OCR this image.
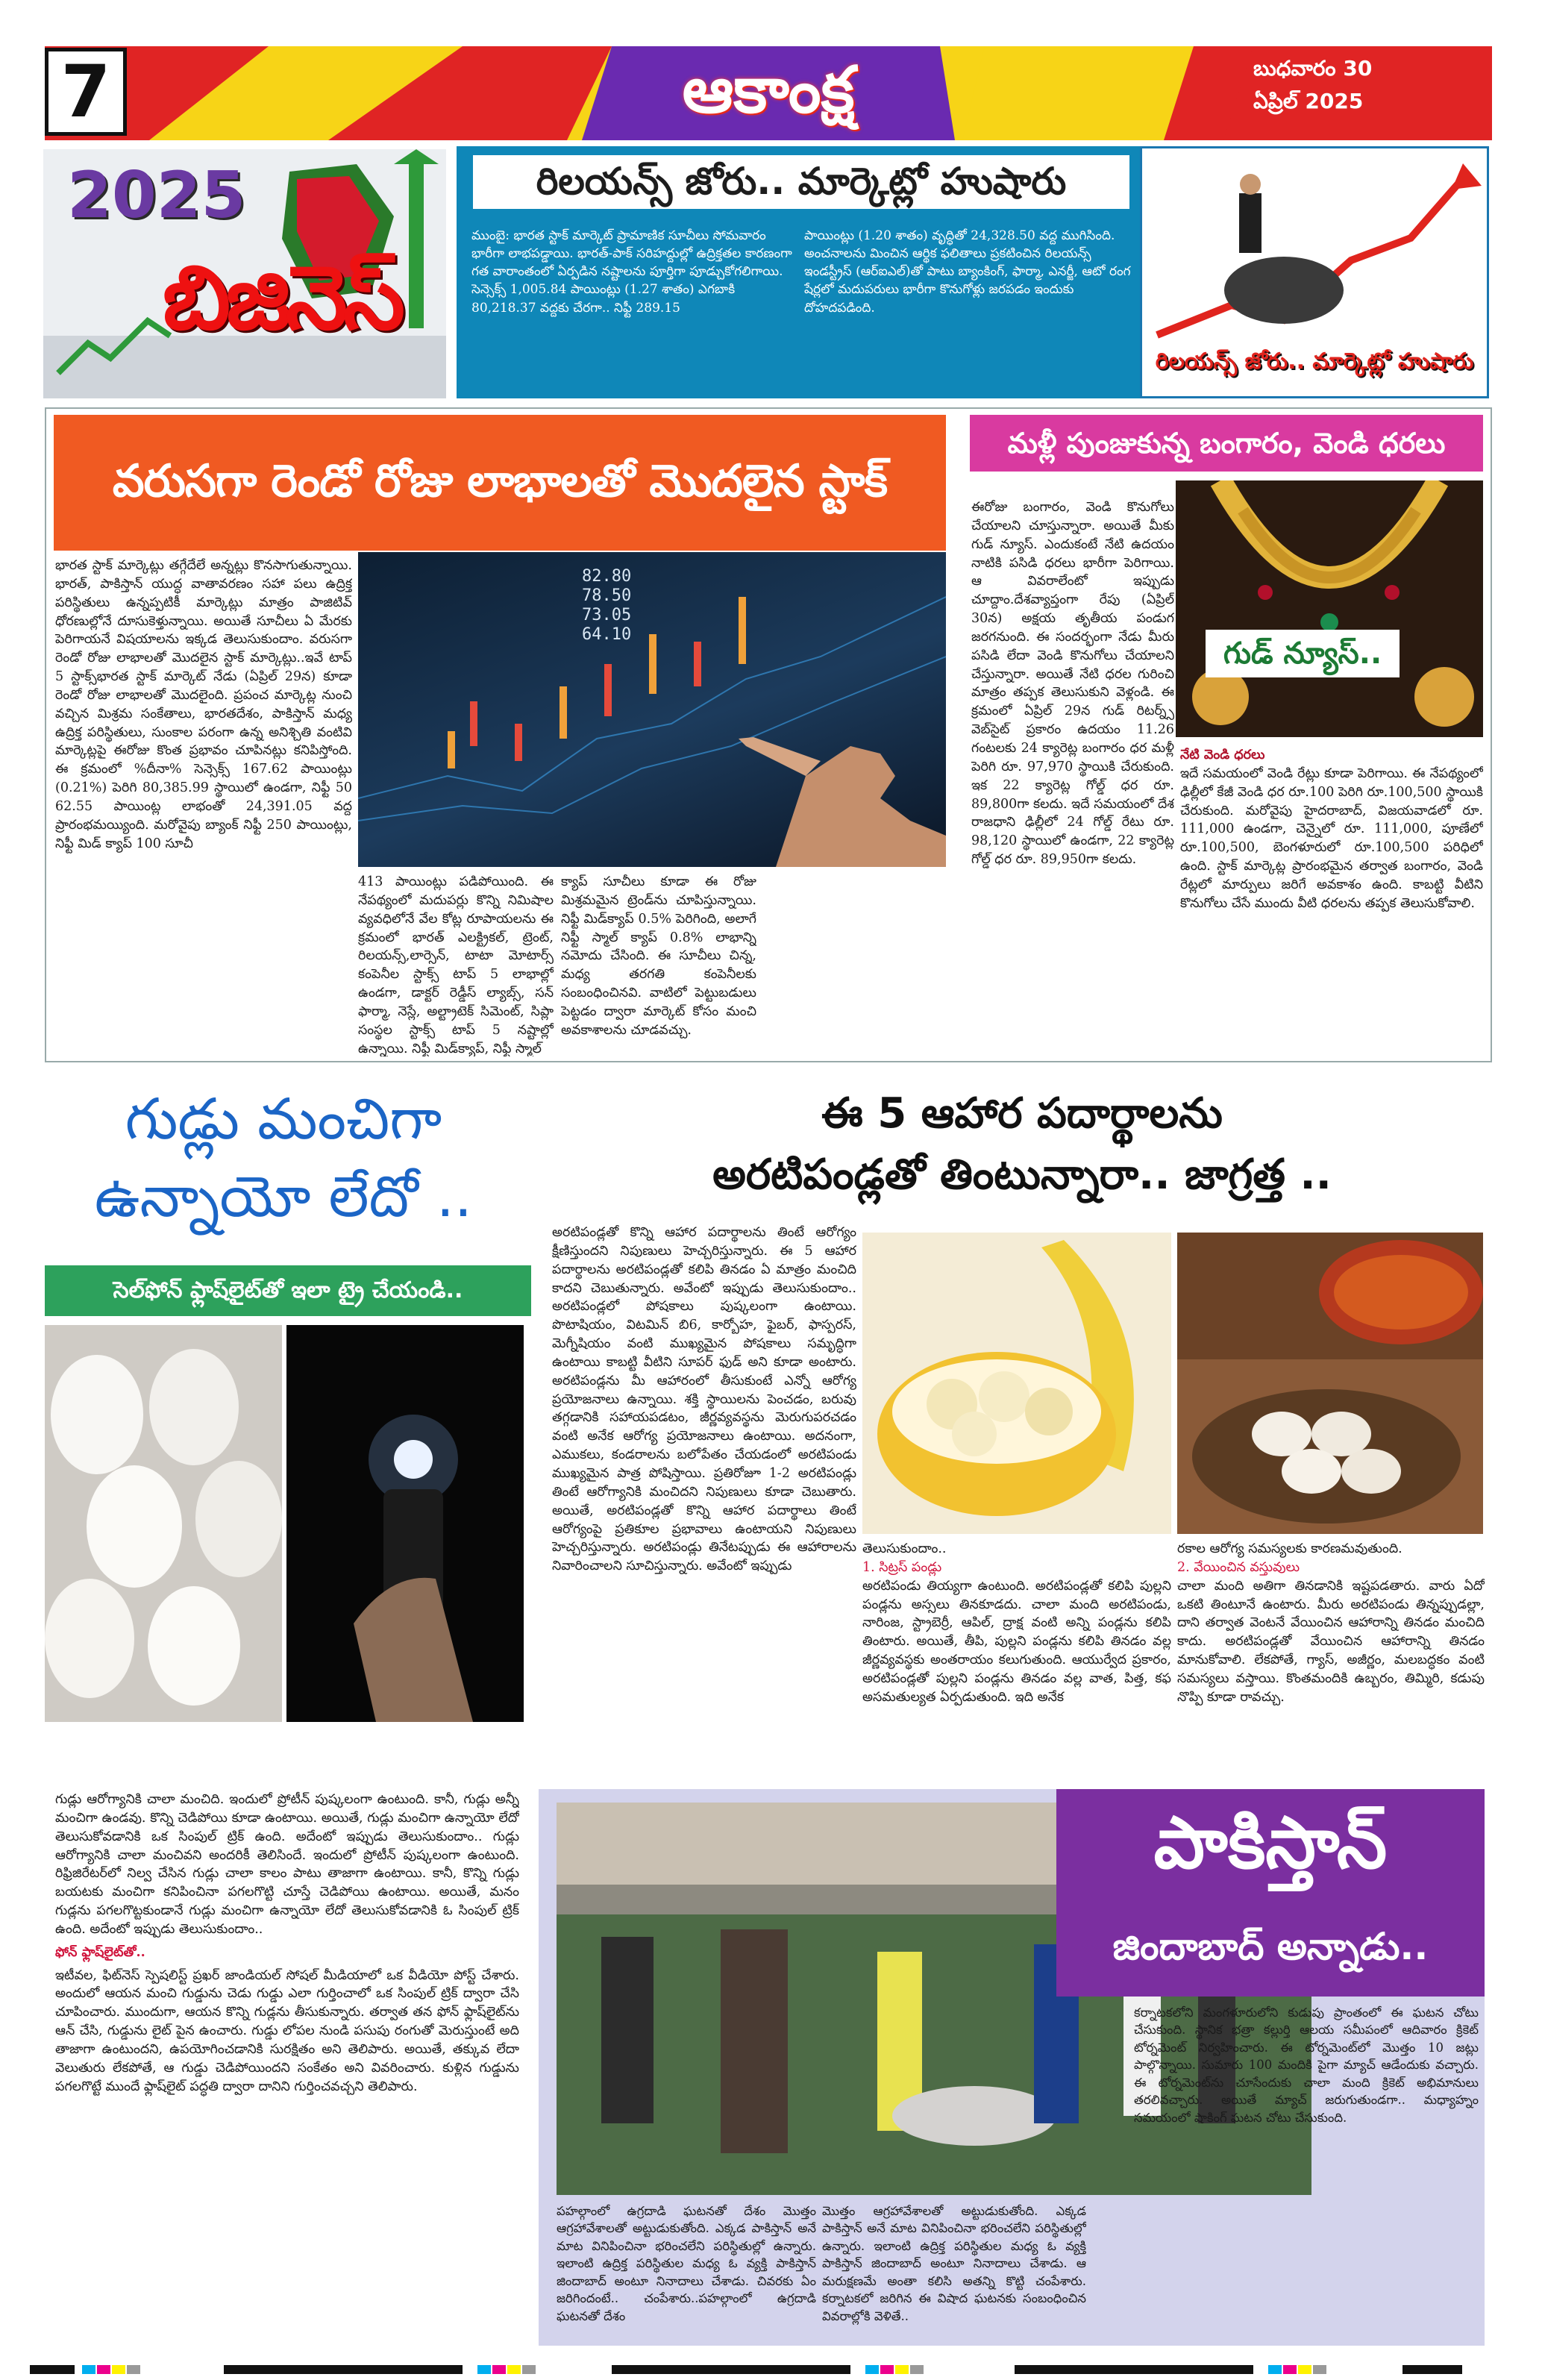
7	ఆకాంక్ష	బుధవారం 30
ఏప్రిల్ 2025
2025
బిజినెస్
రిలయన్స్ జోరు.. మార్కెట్లో హుషారు
ముంబై: భారత స్టాక్ మార్కెట్ ప్రామాణిక సూచీలు సోమవారం భారీగా లాభపడ్డాయి. భారత్-పాక్ సరిహద్దుల్లో ఉద్రిక్తతల కారణంగా గత వారాంతంలో ఏర్పడిన నష్టాలను పూర్తిగా పూడ్చుకోగలిగాయి. సెన్సెక్స్ 1,005.84 పాయింట్లు (1.27 శాతం) ఎగబాకి 80,218.37 వద్దకు చేరగా.. నిఫ్టీ 289.15
పాయింట్లు (1.20 శాతం) వృద్ధితో 24,328.50 వద్ద ముగిసింది. అంచనాలను మించిన ఆర్థిక ఫలితాలు ప్రకటించిన రిలయన్స్ ఇండస్ట్రీస్ (ఆర్ఐఎల్)తో పాటు బ్యాంకింగ్, ఫార్మా, ఎనర్జీ, ఆటో రంగ షేర్లలో మదుపరులు భారీగా కొనుగోళ్లు జరపడం ఇందుకు దోహదపడింది.
రిలయన్స్ జోరు.. మార్కెట్లో హుషారు
వరుసగా రెండో రోజు లాభాలతో మొదలైన స్టాక్
భారత స్టాక్ మార్కెట్లు తగ్గేదేలే అన్నట్లు కొనసాగుతున్నాయి. భారత్, పాకిస్తాన్ యుద్ధ వాతావరణం సహా పలు ఉద్రిక్త పరిస్థితులు ఉన్నప్పటికీ మార్కెట్లు మాత్రం పాజిటివ్ ధోరణుల్లోనే దూసుకెళ్తున్నాయి. అయితే సూచీలు ఏ మేరకు పెరిగాయనే విషయాలను ఇక్కడ తెలుసుకుందాం. వరుసగా రెండో రోజు లాభాలతో మొదలైన స్టాక్ మార్కెట్లు..ఇవే టాప్ 5 స్టాక్స్‌భారత స్టాక్ మార్కెట్ నేడు (ఏప్రిల్ 29న) కూడా రెండో రోజు లాభాలతో మొదలైంది. ప్రపంచ మార్కెట్ల నుంచి వచ్చిన మిశ్రమ సంకేతాలు, భారతదేశం, పాకిస్తాన్ మధ్య ఉద్రిక్త పరిస్థితులు, సుంకాల పరంగా ఉన్న అనిశ్చితి వంటివి మార్కెట్లపై ఈరోజు కొంత ప్రభావం చూపినట్లు కనిపిస్తోంది. ఈ క్రమంలో %దీనా% సెన్సెక్స్ 167.62 పాయింట్లు (0.21%) పెరిగి 80,385.99 స్థాయిలో ఉండగా, నిఫ్టీ 50 62.55 పాయింట్ల లాభంతో 24,391.05 వద్ద ప్రారంభమయ్యింది. మరోవైపు బ్యాంక్ నిఫ్టీ 250 పాయింట్లు, నిఫ్టీ మిడ్ క్యాప్ 100 సూచీ
82.80
78.50
73.05
64.10
413 పాయింట్లు పడిపోయింది. ఈ నేపథ్యంలో మదుపర్లు కొన్ని నిమిషాల వ్యవధిలోనే వేల కోట్ల రూపాయలను ఈ క్రమంలో భారత్ ఎలక్ట్రికల్, ట్రెంట్, రిలయన్స్,లార్సెన్, టాటా మోటార్స్ కంపెనీల స్టాక్స్ టాప్ 5 లాభాల్లో ఉండగా, డాక్టర్ రెడ్డీస్ ల్యాబ్స్, సన్ ఫార్మా, నెస్లే, అల్ట్రాటెక్ సిమెంట్, సిప్లా సంస్థల స్టాక్స్ టాప్ 5 నష్టాల్లో ఉన్నాయి. నిఫ్టీ మిడ్‌క్యాప్, నిఫ్టీ స్మాల్
క్యాప్ సూచీలు కూడా ఈ రోజు మిశ్రమమైన ట్రెండ్‌ను చూపిస్తున్నాయి. నిఫ్టీ మిడ్‌క్యాప్ 0.5% పెరిగింది, అలాగే నిఫ్టీ స్మాల్ క్యాప్ 0.8% లాభాన్ని నమోదు చేసింది. ఈ సూచీలు చిన్న, మధ్య తరగతి కంపెనీలకు సంబంధించినవి. వాటిలో పెట్టుబడులు పెట్టడం ద్వారా మార్కెట్ కోసం మంచి అవకాశాలను చూడవచ్చు.
మళ్లీ పుంజుకున్న బంగారం, వెండి ధరలు
ఈరోజు బంగారం, వెండి కొనుగోలు చేయాలని చూస్తున్నారా. అయితే మీకు గుడ్ న్యూస్. ఎందుకంటే నేటి ఉదయం నాటికి పసిడి ధరలు భారీగా పెరిగాయి. ఆ వివరాలేంటో ఇప్పుడు చూద్దాం.దేశవ్యాప్తంగా రేపు (ఏప్రిల్ 30న) అక్షయ తృతీయ పండుగ జరగనుంది. ఈ సందర్భంగా నేడు మీరు పసిడి లేదా వెండి కొనుగోలు చేయాలని చేస్తున్నారా. అయితే నేటి ధరల గురించి మాత్రం తప్పక తెలుసుకుని వెళ్లండి. ఈ క్రమంలో ఏప్రిల్ 29న గుడ్ రిటర్న్స్ వెబ్‌సైట్ ప్రకారం ఉదయం 11.26 గంటలకు 24 క్యారెట్ల బంగారం ధర మళ్లీ పెరిగి రూ. 97,970 స్థాయికి చేరుకుంది. ఇక 22 క్యారెట్ల గోల్డ్ ధర రూ. 89,800గా కలదు. ఇదే సమయంలో దేశ రాజధాని ఢిల్లీలో 24 గోల్డ్ రేటు రూ. 98,120 స్థాయిలో ఉండగా, 22 క్యారెట్ల గోల్డ్ ధర రూ. 89,950గా కలదు.
గుడ్ న్యూస్..
నేటి వెండి ధరలు
ఇదే సమయంలో వెండి రేట్లు కూడా పెరిగాయి. ఈ నేపథ్యంలో ఢిల్లీలో కేజీ వెండి ధర రూ.100 పెరిగి రూ.100,500 స్థాయికి చేరుకుంది. మరోవైపు హైదరాబాద్, విజయవాడలో రూ. 111,000 ఉండగా, చెన్నైలో రూ. 111,000, పూణేలో రూ.100,500, బెంగళూరులో రూ.100,500 పరిధిలో ఉంది. స్టాక్ మార్కెట్ల ప్రారంభమైన తర్వాత బంగారం, వెండి రేట్లలో మార్పులు జరిగే అవకాశం ఉంది. కాబట్టి వీటిని కొనుగోలు చేసే ముందు వీటి ధరలను తప్పక తెలుసుకోవాలి.
గుడ్లు మంచిగా
ఉన్నాయో లేదో ..
సెల్‌ఫోన్ ఫ్లాష్‌లైట్‌తో ఇలా ట్రై చేయండి..

గుడ్లు ఆరోగ్యానికి చాలా మంచిది. ఇందులో ప్రోటీన్ పుష్కలంగా ఉంటుంది. కానీ, గుడ్లు అన్నీ మంచిగా ఉండవు. కొన్ని చెడిపోయి కూడా ఉంటాయి. అయితే, గుడ్లు మంచిగా ఉన్నాయో లేదో తెలుసుకోవడానికి ఒక సింపుల్ ట్రిక్ ఉంది. అదేంటో ఇప్పుడు తెలుసుకుందాం.. గుడ్లు ఆరోగ్యానికి చాలా మంచివని అందరికీ తెలిసిందే. ఇందులో ప్రోటీన్ పుష్కలంగా ఉంటుంది. రిఫ్రిజిరేటర్‌లో నిల్వ చేసిన గుడ్లు చాలా కాలం పాటు తాజాగా ఉంటాయి. కానీ, కొన్ని గుడ్లు బయటకు మంచిగా కనిపించినా పగలగొట్టి చూస్తే చెడిపోయి ఉంటాయి. అయితే, మనం గుడ్లను పగలగొట్టకుండానే గుడ్లు మంచిగా ఉన్నాయో లేదో తెలుసుకోవడానికి ఓ సింపుల్ ట్రిక్ ఉంది. అదేంటో ఇప్పుడు తెలుసుకుందాం..

ఫోన్ ఫ్లాష్‌లైట్‌తో..

ఇటీవల, ఫిట్‌నెస్ స్పెషలిస్ట్ ప్రఖర్ జాండియల్ సోషల్ మీడియాలో ఒక వీడియో పోస్ట్ చేశారు. అందులో ఆయన మంచి గుడ్డును చెడు గుడ్డు ఎలా గుర్తించాలో ఒక సింపుల్ ట్రిక్ ద్వారా చేసి చూపించారు. ముందుగా, ఆయన కొన్ని గుడ్లను తీసుకున్నారు. తర్వాత తన ఫోన్ ఫ్లాష్‌లైట్‌ను ఆన్ చేసి, గుడ్డును లైట్ పైన ఉంచారు. గుడ్డు లోపల నుండి పసుపు రంగుతో మెరుస్తుంటే అది తాజాగా ఉంటుందని, ఉపయోగించడానికి సురక్షితం అని తెలిపారు. అయితే, తక్కువ లేదా వెలుతురు లేకపోతే, ఆ గుడ్డు చెడిపోయిందని సంకేతం అని వివరించారు. కుళ్లిన గుడ్డును పగలగొట్టే ముందే ఫ్లాష్‌లైట్ పద్ధతి ద్వారా దానిని గుర్తించవచ్చని తెలిపారు.

ఈ 5 ఆహార పదార్థాలను
అరటిపండ్లతో తింటున్నారా.. జాగ్రత్త ..
అరటిపండ్లతో కొన్ని ఆహార పదార్థాలను తింటే ఆరోగ్యం క్షీణిస్తుందని నిపుణులు హెచ్చరిస్తున్నారు. ఈ 5 ఆహార పదార్థాలను అరటిపండ్లతో కలిపి తినడం ఏ మాత్రం మంచిది కాదని చెబుతున్నారు. అవేంటో ఇప్పుడు తెలుసుకుందాం.. అరటిపండ్లలో పోషకాలు పుష్కలంగా ఉంటాయి. పొటాషియం, విటమిన్ బి6, కార్బోహ, ఫైబర్, ఫాస్పరస్, మెగ్నీషియం వంటి ముఖ్యమైన పోషకాలు సమృద్ధిగా ఉంటాయి కాబట్టి వీటిని సూపర్ ఫుడ్ అని కూడా అంటారు. అరటిపండ్లను మీ ఆహారంలో తీసుకుంటే ఎన్నో ఆరోగ్య ప్రయోజనాలు ఉన్నాయి. శక్తి స్థాయిలను పెంచడం, బరువు తగ్గడానికి సహాయపడటం, జీర్ణవ్యవస్థను మెరుగుపరచడం వంటి అనేక ఆరోగ్య ప్రయోజనాలు ఉంటాయి. అదనంగా, ఎముకలు, కండరాలను బలోపేతం చేయడంలో అరటిపండు ముఖ్యమైన పాత్ర పోషిస్తాయి. ప్రతిరోజూ 1-2 అరటిపండ్లు తింటే ఆరోగ్యానికి మంచిదని నిపుణులు కూడా చెబుతారు. అయితే, అరటిపండ్లతో కొన్ని ఆహార పదార్థాలు తింటే ఆరోగ్యంపై ప్రతికూల ప్రభావాలు ఉంటాయని నిపుణులు హెచ్చరిస్తున్నారు. అరటిపండ్లు తినేటప్పుడు ఈ ఆహారాలను నివారించాలని సూచిస్తున్నారు. అవేంటో ఇప్పుడు
తెలుసుకుందాం..
1. సిట్రస్ పండ్లు
అరటిపండు తియ్యగా ఉంటుంది. అరటిపండ్లతో కలిపి పుల్లని పండ్లను అస్సలు తినకూడదు. చాలా మంది అరటిపండు, నారింజ, స్ట్రాబెర్రీ, ఆపిల్, ద్రాక్ష వంటి అన్ని పండ్లను కలిపి తింటారు. అయితే, తీపి, పుల్లని పండ్లను కలిపి తినడం వల్ల జీర్ణవ్యవస్థకు అంతరాయం కలుగుతుంది. ఆయుర్వేద ప్రకారం, అరటిపండ్లతో పుల్లని పండ్లను తినడం వల్ల వాత, పిత్త, కఫ అసమతుల్యత ఏర్పడుతుంది. ఇది అనేక
రకాల ఆరోగ్య సమస్యలకు కారణమవుతుంది.
2. వేయించిన వస్తువులు
చాలా మంది అతిగా తినడానికి ఇష్టపడతారు. వారు ఏదో ఒకటి తింటూనే ఉంటారు. మీరు అరటిపండు తిన్నప్పుడల్లా, దాని తర్వాత వెంటనే వేయించిన ఆహారాన్ని తినడం మంచిది కాదు. అరటిపండ్లతో వేయించిన ఆహారాన్ని తినడం మానుకోవాలి. లేకపోతే, గ్యాస్, అజీర్ణం, మలబద్ధకం వంటి సమస్యలు వస్తాయి. కొంతమందికి ఉబ్బరం, తిమ్మిరి, కడుపు నొప్పి కూడా రావచ్చు.
పాకిస్తాన్
జిందాబాద్ అన్నాడు..
పహల్గాంలో ఉగ్రదాడి ఘటనతో దేశం మొత్తం ఆగ్రహావేశాలతో అట్టుడుకుతోంది. ఎక్కడ పాకిస్తాన్ అనే మాట వినిపించినా భరించలేని పరిస్థితుల్లో ఉన్నారు. ఇలాంటి ఉద్రిక్త పరిస్థితుల మధ్య ఓ వ్యక్తి పాకిస్తాన్ జిందాబాద్ అంటూ నినాదాలు చేశాడు. చివరకు ఏం జరిగిందంటే.. చంపేశారు..పహల్గాంలో ఉగ్రదాడి ఘటనతో దేశం
మొత్తం ఆగ్రహావేశాలతో అట్టుడుకుతోంది. ఎక్కడ పాకిస్తాన్ అనే మాట వినిపించినా భరించలేని పరిస్థితుల్లో ఉన్నారు. ఇలాంటి ఉద్రిక్త పరిస్థితుల మధ్య ఓ వ్యక్తి పాకిస్తాన్ జిందాబాద్ అంటూ నినాదాలు చేశాడు. ఆ మరుక్షణమే అంతా కలిసి అతన్ని కొట్టి చంపేశారు. కర్నాటకలో జరిగిన ఈ విషాద ఘటనకు సంబంధించిన వివరాల్లోకి వెళితే..
కర్నాటకలోని మంగళూరులోని కుడుపు ప్రాంతంలో ఈ ఘటన చోటు చేసుకుంది. స్థానిక భత్రా కల్లుర్తి ఆలయ సమీపంలో ఆదివారం క్రికెట్ టోర్నమెంట్ నిర్వహించారు. ఈ టోర్నమెంట్‌లో మొత్తం 10 జట్లు పాల్గొన్నాయి. సుమారు 100 మందికి పైగా మ్యాచ్ ఆడేందుకు వచ్చారు. ఈ టోర్నమెంట్‌ను చూసేందుకు చాలా మంది క్రికెట్ అభిమానులు తరలివచ్చారు. అయితే మ్యాచ్ జరుగుతుండగా.. మధ్యాహ్నం సమయంలో షాకింగ్ ఘటన చోటు చేసుకుంది.
